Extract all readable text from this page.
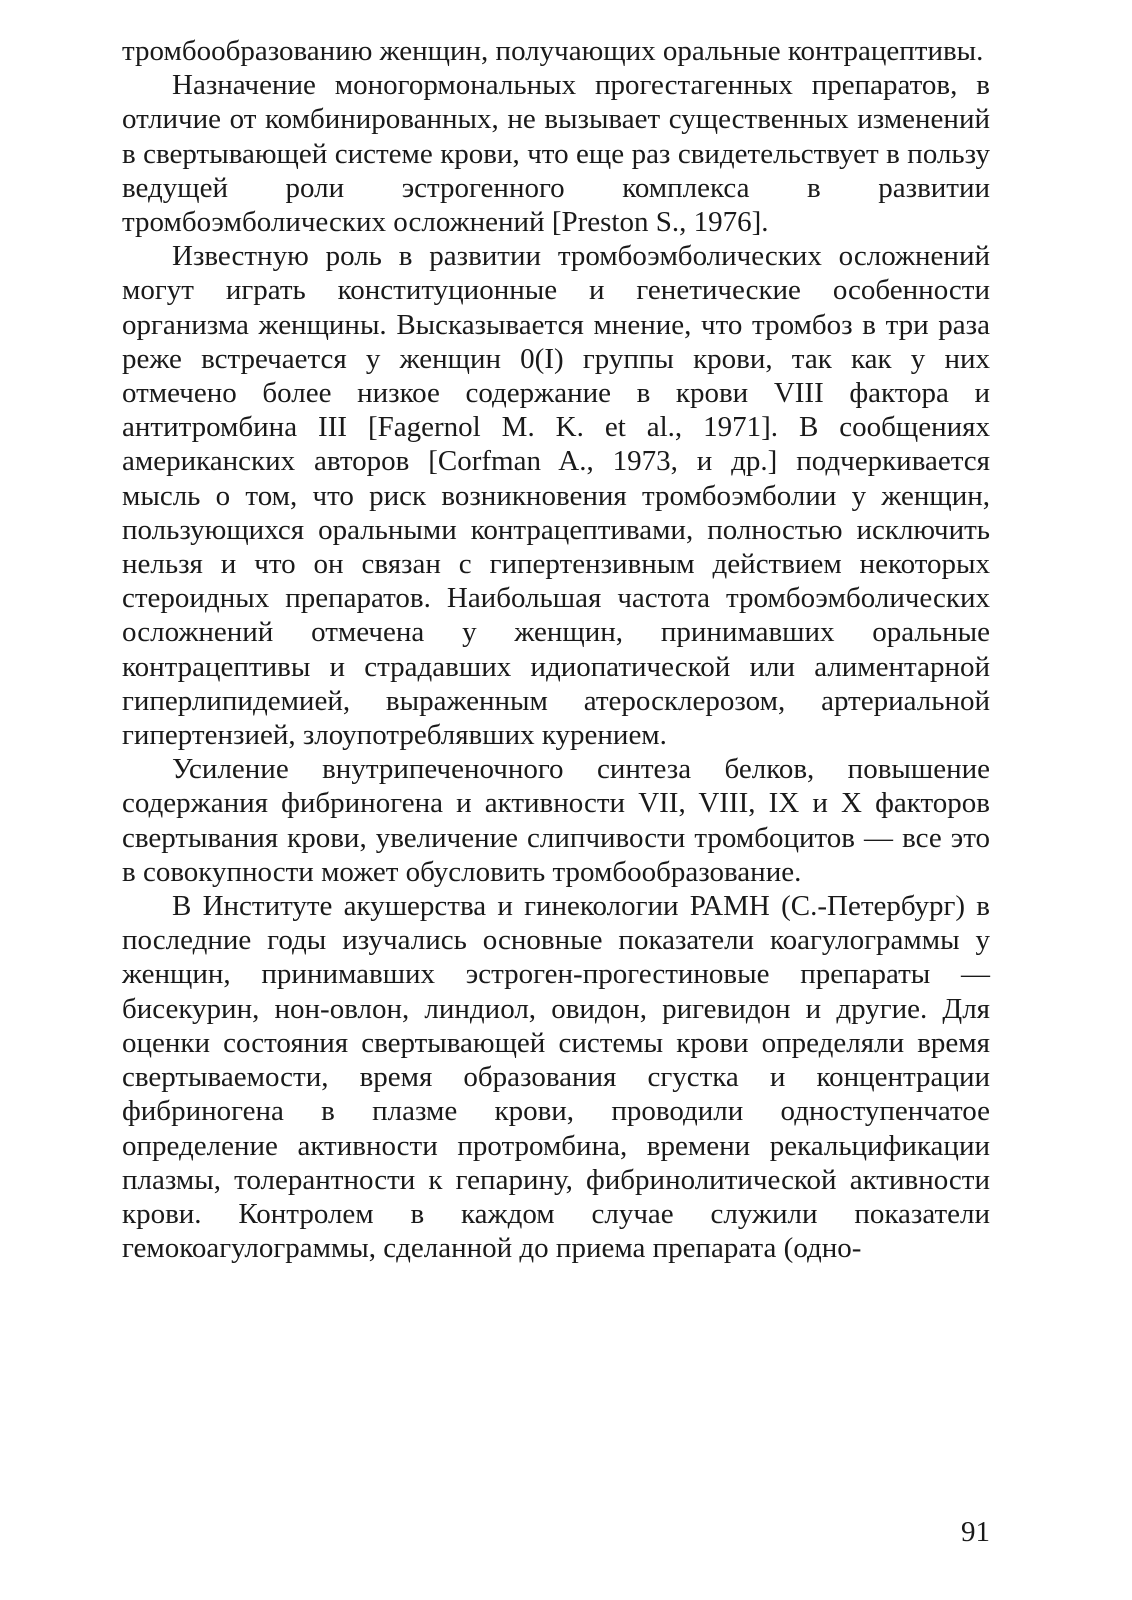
тромбообразованию женщин, получающих оральные контрацептивы.

Назначение моногормональных прогестагенных препаратов, в отличие от комбинированных, не вызывает существенных изменений в свертывающей системе крови, что еще раз свидетельствует в пользу ведущей роли эстрогенного комплекса в развитии тромбоэмболических осложнений [Preston S., 1976].

Известную роль в развитии тромбоэмболических осложнений могут играть конституционные и генетические особенности организма женщины. Высказывается мнение, что тромбоз в три раза реже встречается у женщин 0(I) группы крови, так как у них отмечено более низкое содержание в крови VIII фактора и антитромбина III [Fagernol M. K. et al., 1971]. В сообщениях американских авторов [Corfman A., 1973, и др.] подчеркивается мысль о том, что риск возникновения тромбоэмболии у женщин, пользующихся оральными контрацептивами, полностью исключить нельзя и что он связан с гипертензивным действием некоторых стероидных препаратов. Наибольшая частота тромбоэмболических осложнений отмечена у женщин, принимавших оральные контрацептивы и страдавших идиопатической или алиментарной гиперлипидемией, выраженным атеросклерозом, артериальной гипертензией, злоупотреблявших курением.

Усиление внутрипеченочного синтеза белков, повышение содержания фибриногена и активности VII, VIII, IX и X факторов свертывания крови, увеличение слипчивости тромбоцитов — все это в совокупности может обусловить тромбообразование.

В Институте акушерства и гинекологии РАМН (С.-Петербург) в последние годы изучались основные показатели коагулограммы у женщин, принимавших эстроген-прогестиновые препараты — бисекурин, нон-овлон, линдиол, овидон, ригевидон и другие. Для оценки состояния свертывающей системы крови определяли время свертываемости, время образования сгустка и концентрации фибриногена в плазме крови, проводили одноступенчатое определение активности протромбина, времени рекальцификации плазмы, толерантности к гепарину, фибринолитической активности крови. Контролем в каждом случае служили показатели гемокоагулограммы, сделанной до приема препарата (одно-

91
